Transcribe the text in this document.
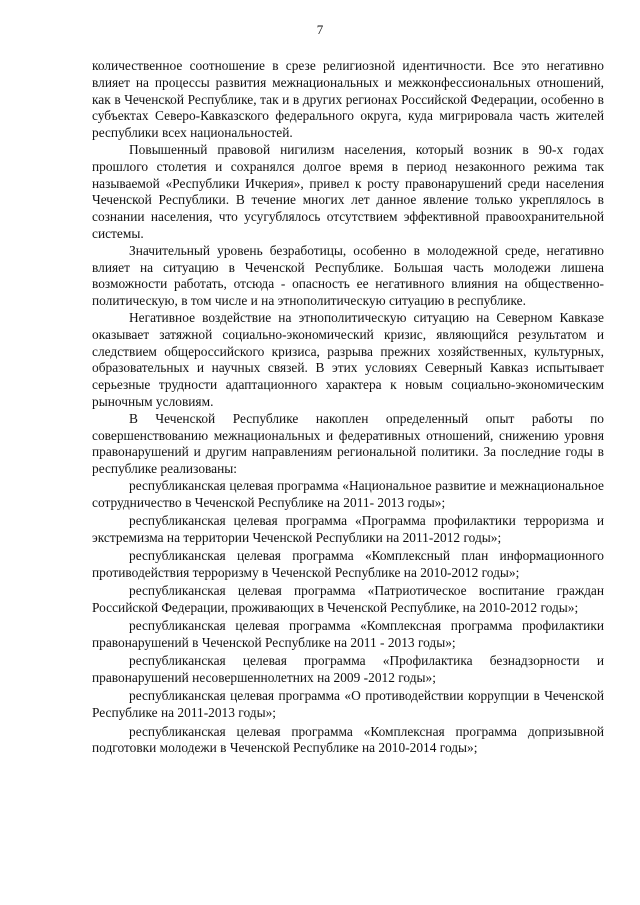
7

количественное соотношение в срезе религиозной идентичности. Все это негативно влияет на процессы развития межнациональных и межконфессиональных отношений, как в Чеченской Республике, так и в других регионах Российской Федерации, особенно в субъектах Северо-Кавказского федерального округа, куда мигрировала часть жителей республики всех национальностей.

Повышенный правовой нигилизм населения, который возник в 90-х годах прошлого столетия и сохранялся долгое время в период незаконного режима так называемой «Республики Ичкерия», привел к росту правонарушений среди населения Чеченской Республики. В течение многих лет данное явление только укреплялось в сознании населения, что усугублялось отсутствием эффективной правоохранительной системы.

Значительный уровень безработицы, особенно в молодежной среде, негативно влияет на ситуацию в Чеченской Республике. Большая часть молодежи лишена возможности работать, отсюда - опасность ее негативного влияния на общественно-политическую, в том числе и на этнополитическую ситуацию в республике.

Негативное воздействие на этнополитическую ситуацию на Северном Кавказе оказывает затяжной социально-экономический кризис, являющийся результатом и следствием общероссийского кризиса, разрыва прежних хозяйственных, культурных, образовательных и научных связей. В этих условиях Северный Кавказ испытывает серьезные трудности адаптационного характера к новым социально-экономическим рыночным условиям.

В Чеченской Республике накоплен определенный опыт работы по совершенствованию межнациональных и федеративных отношений, снижению уровня правонарушений и другим направлениям региональной политики. За последние годы в республике реализованы:

республиканская целевая программа «Национальное развитие и межнациональное сотрудничество в Чеченской Республике на 2011- 2013 годы»;

республиканская целевая программа «Программа профилактики терроризма и экстремизма на территории Чеченской Республики на 2011-2012 годы»;

республиканская целевая программа «Комплексный план информационного противодействия терроризму в Чеченской Республике на 2010-2012 годы»;

республиканская целевая программа «Патриотическое воспитание граждан Российской Федерации, проживающих в Чеченской Республике, на 2010-2012 годы»;

республиканская целевая программа «Комплексная программа профилактики правонарушений в Чеченской Республике на 2011 - 2013 годы»;

республиканская целевая программа «Профилактика безнадзорности и правонарушений несовершеннолетних на 2009 -2012 годы»;

республиканская целевая программа «О противодействии коррупции в Чеченской Республике на 2011-2013 годы»;

республиканская целевая программа «Комплексная программа допризывной подготовки молодежи в Чеченской Республике на 2010-2014 годы»;
